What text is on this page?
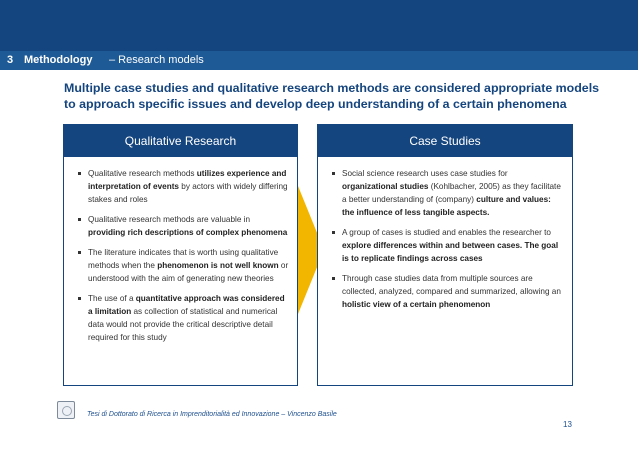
3 Methodology – Research models
Multiple case studies and qualitative research methods are considered appropriate models
to approach specific issues and develop deep understanding of a certain phenomena
Qualitative Research
Qualitative research methods utilizes experience and interpretation of events by actors with widely differing stakes and roles
Qualitative research methods are valuable in providing rich descriptions of complex phenomena
The literature indicates that is worth using qualitative methods when the phenomenon is not well known or understood with the aim of generating new theories
The use of a quantitative approach was considered a limitation as collection of statistical and numerical data would not provide the critical descriptive detail required for this study
Case Studies
Social science research uses case studies for organizational studies (Kohlbacher, 2005) as they facilitate a better understanding of (company) culture and values: the influence of less tangible aspects.
A group of cases is studied and enables the researcher to explore differences within and between cases. The goal is to replicate findings across cases
Through case studies data from multiple sources are collected, analyzed, compared and summarized, allowing an holistic view of a certain phenomenon
Tesi di Dottorato di Ricerca in Imprenditorialità ed Innovazione – Vincenzo Basile
13
